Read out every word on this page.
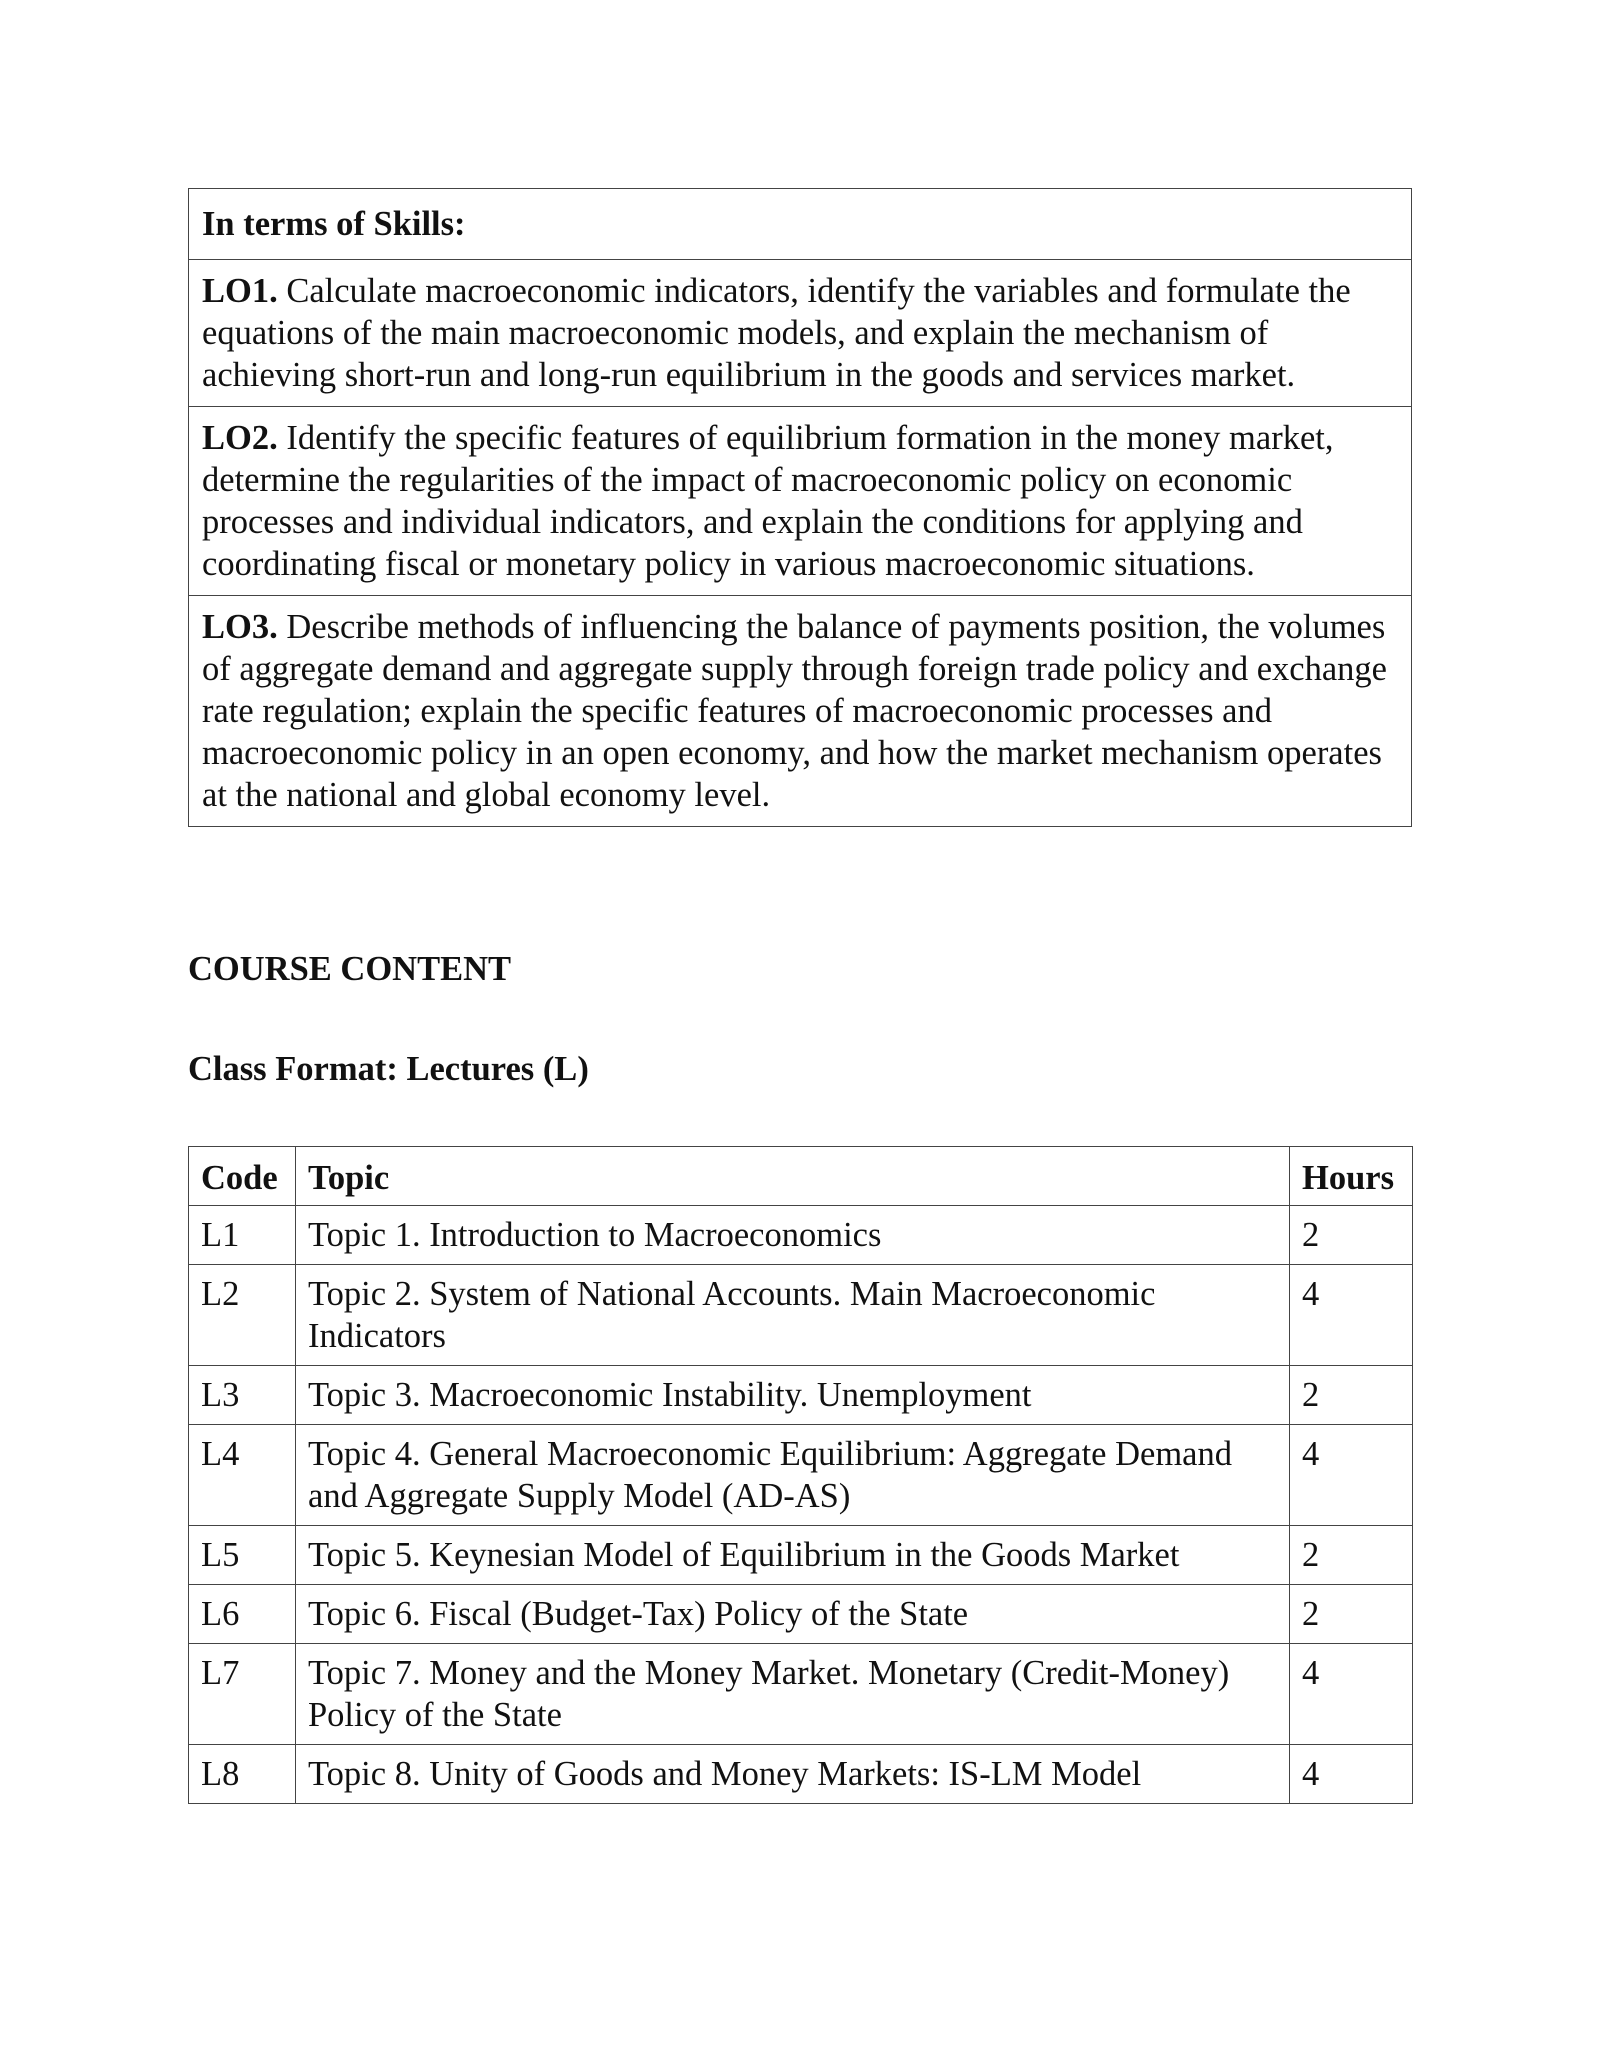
In terms of Skills:
LO1. Calculate macroeconomic indicators, identify the variables and formulate the equations of the main macroeconomic models, and explain the mechanism of achieving short-run and long-run equilibrium in the goods and services market.
LO2. Identify the specific features of equilibrium formation in the money market, determine the regularities of the impact of macroeconomic policy on economic processes and individual indicators, and explain the conditions for applying and coordinating fiscal or monetary policy in various macroeconomic situations.
LO3. Describe methods of influencing the balance of payments position, the volumes of aggregate demand and aggregate supply through foreign trade policy and exchange rate regulation; explain the specific features of macroeconomic processes and macroeconomic policy in an open economy, and how the market mechanism operates at the national and global economy level.
COURSE CONTENT
Class Format: Lectures (L)
Code	Topic	Hours
L1	Topic 1. Introduction to Macroeconomics	2
L2	Topic 2. System of National Accounts. Main Macroeconomic Indicators	4
L3	Topic 3. Macroeconomic Instability. Unemployment	2
L4	Topic 4. General Macroeconomic Equilibrium: Aggregate Demand and Aggregate Supply Model (AD-AS)	4
L5	Topic 5. Keynesian Model of Equilibrium in the Goods Market	2
L6	Topic 6. Fiscal (Budget-Tax) Policy of the State	2
L7	Topic 7. Money and the Money Market. Monetary (Credit-Money) Policy of the State	4
L8	Topic 8. Unity of Goods and Money Markets: IS-LM Model	4
